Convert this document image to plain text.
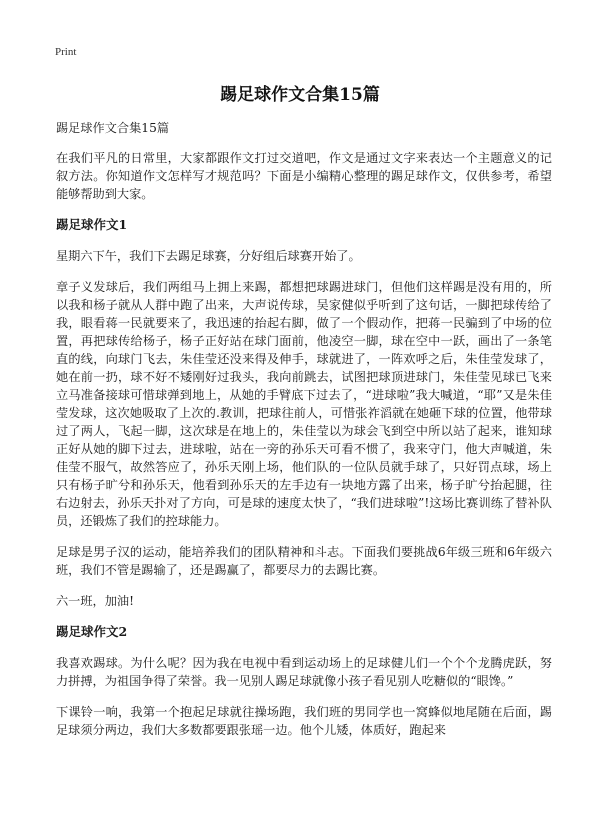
Print
踢足球作文合集15篇

踢足球作文合集15篇

在我们平凡的日常里，大家都跟作文打过交道吧，作文是通过文字来表达一个主题意义的记叙方法。你知道作文怎样写才规范吗？下面是小编精心整理的踢足球作文，仅供参考，希望能够帮助到大家。

踢足球作文1

星期六下午，我们下去踢足球赛，分好组后球赛开始了。

章子义发球后，我们两组马上拥上来踢，都想把球踢进球门，但他们这样踢是没有用的，所以我和杨子就从人群中跑了出来，大声说传球，吴家健似乎听到了这句话，一脚把球传给了我，眼看蒋一民就要来了，我迅速的抬起右脚，做了一个假动作，把蒋一民骗到了中场的位置，再把球传给杨子，杨子正好站在球门面前，他凌空一脚，球在空中一跃，画出了一条笔直的线，向球门飞去，朱佳莹还没来得及伸手，球就进了，一阵欢呼之后，朱佳莹发球了，她在前一扔，球不好不矮刚好过我头，我向前跳去，试图把球顶进球门，朱佳莹见球已飞来立马准备接球可惜球弹到地上，从她的手臂底下过去了，“进球啦”我大喊道，“耶”又是朱佳莹发球，这次她吸取了上次的.教训，把球往前人，可惜张祚滔就在她砸下球的位置，他带球过了两人，飞起一脚，这次球是在地上的，朱佳莹以为球会飞到空中所以站了起来，谁知球正好从她的脚下过去，进球啦，站在一旁的孙乐天可看不惯了，我来守门，他大声喊道，朱佳莹不服气，故然答应了，孙乐天刚上场，他们队的一位队员就手球了，只好罚点球，场上只有杨子旷兮和孙乐天，他看到孙乐天的左手边有一块地方露了出来，杨子旷兮抬起腿，往右边射去，孙乐天扑对了方向，可是球的速度太快了，“我们进球啦”!这场比赛训练了替补队员，还锻炼了我们的控球能力。

足球是男子汉的运动，能培养我们的团队精神和斗志。下面我们要挑战6年级三班和6年级六班，我们不管是踢输了，还是踢赢了，都要尽力的去踢比赛。

六一班，加油!

踢足球作文2

我喜欢踢球。为什么呢？因为我在电视中看到运动场上的足球健儿们一个个个龙腾虎跃，努力拼搏，为祖国争得了荣誉。我一见别人踢足球就像小孩子看见别人吃糖似的“眼馋。”

下课铃一响，我第一个抱起足球就往操场跑，我们班的男同学也一窝蜂似地尾随在后面，踢足球须分两边，我们大多数都要跟张瑶一边。他个儿矮，体质好，跑起来
